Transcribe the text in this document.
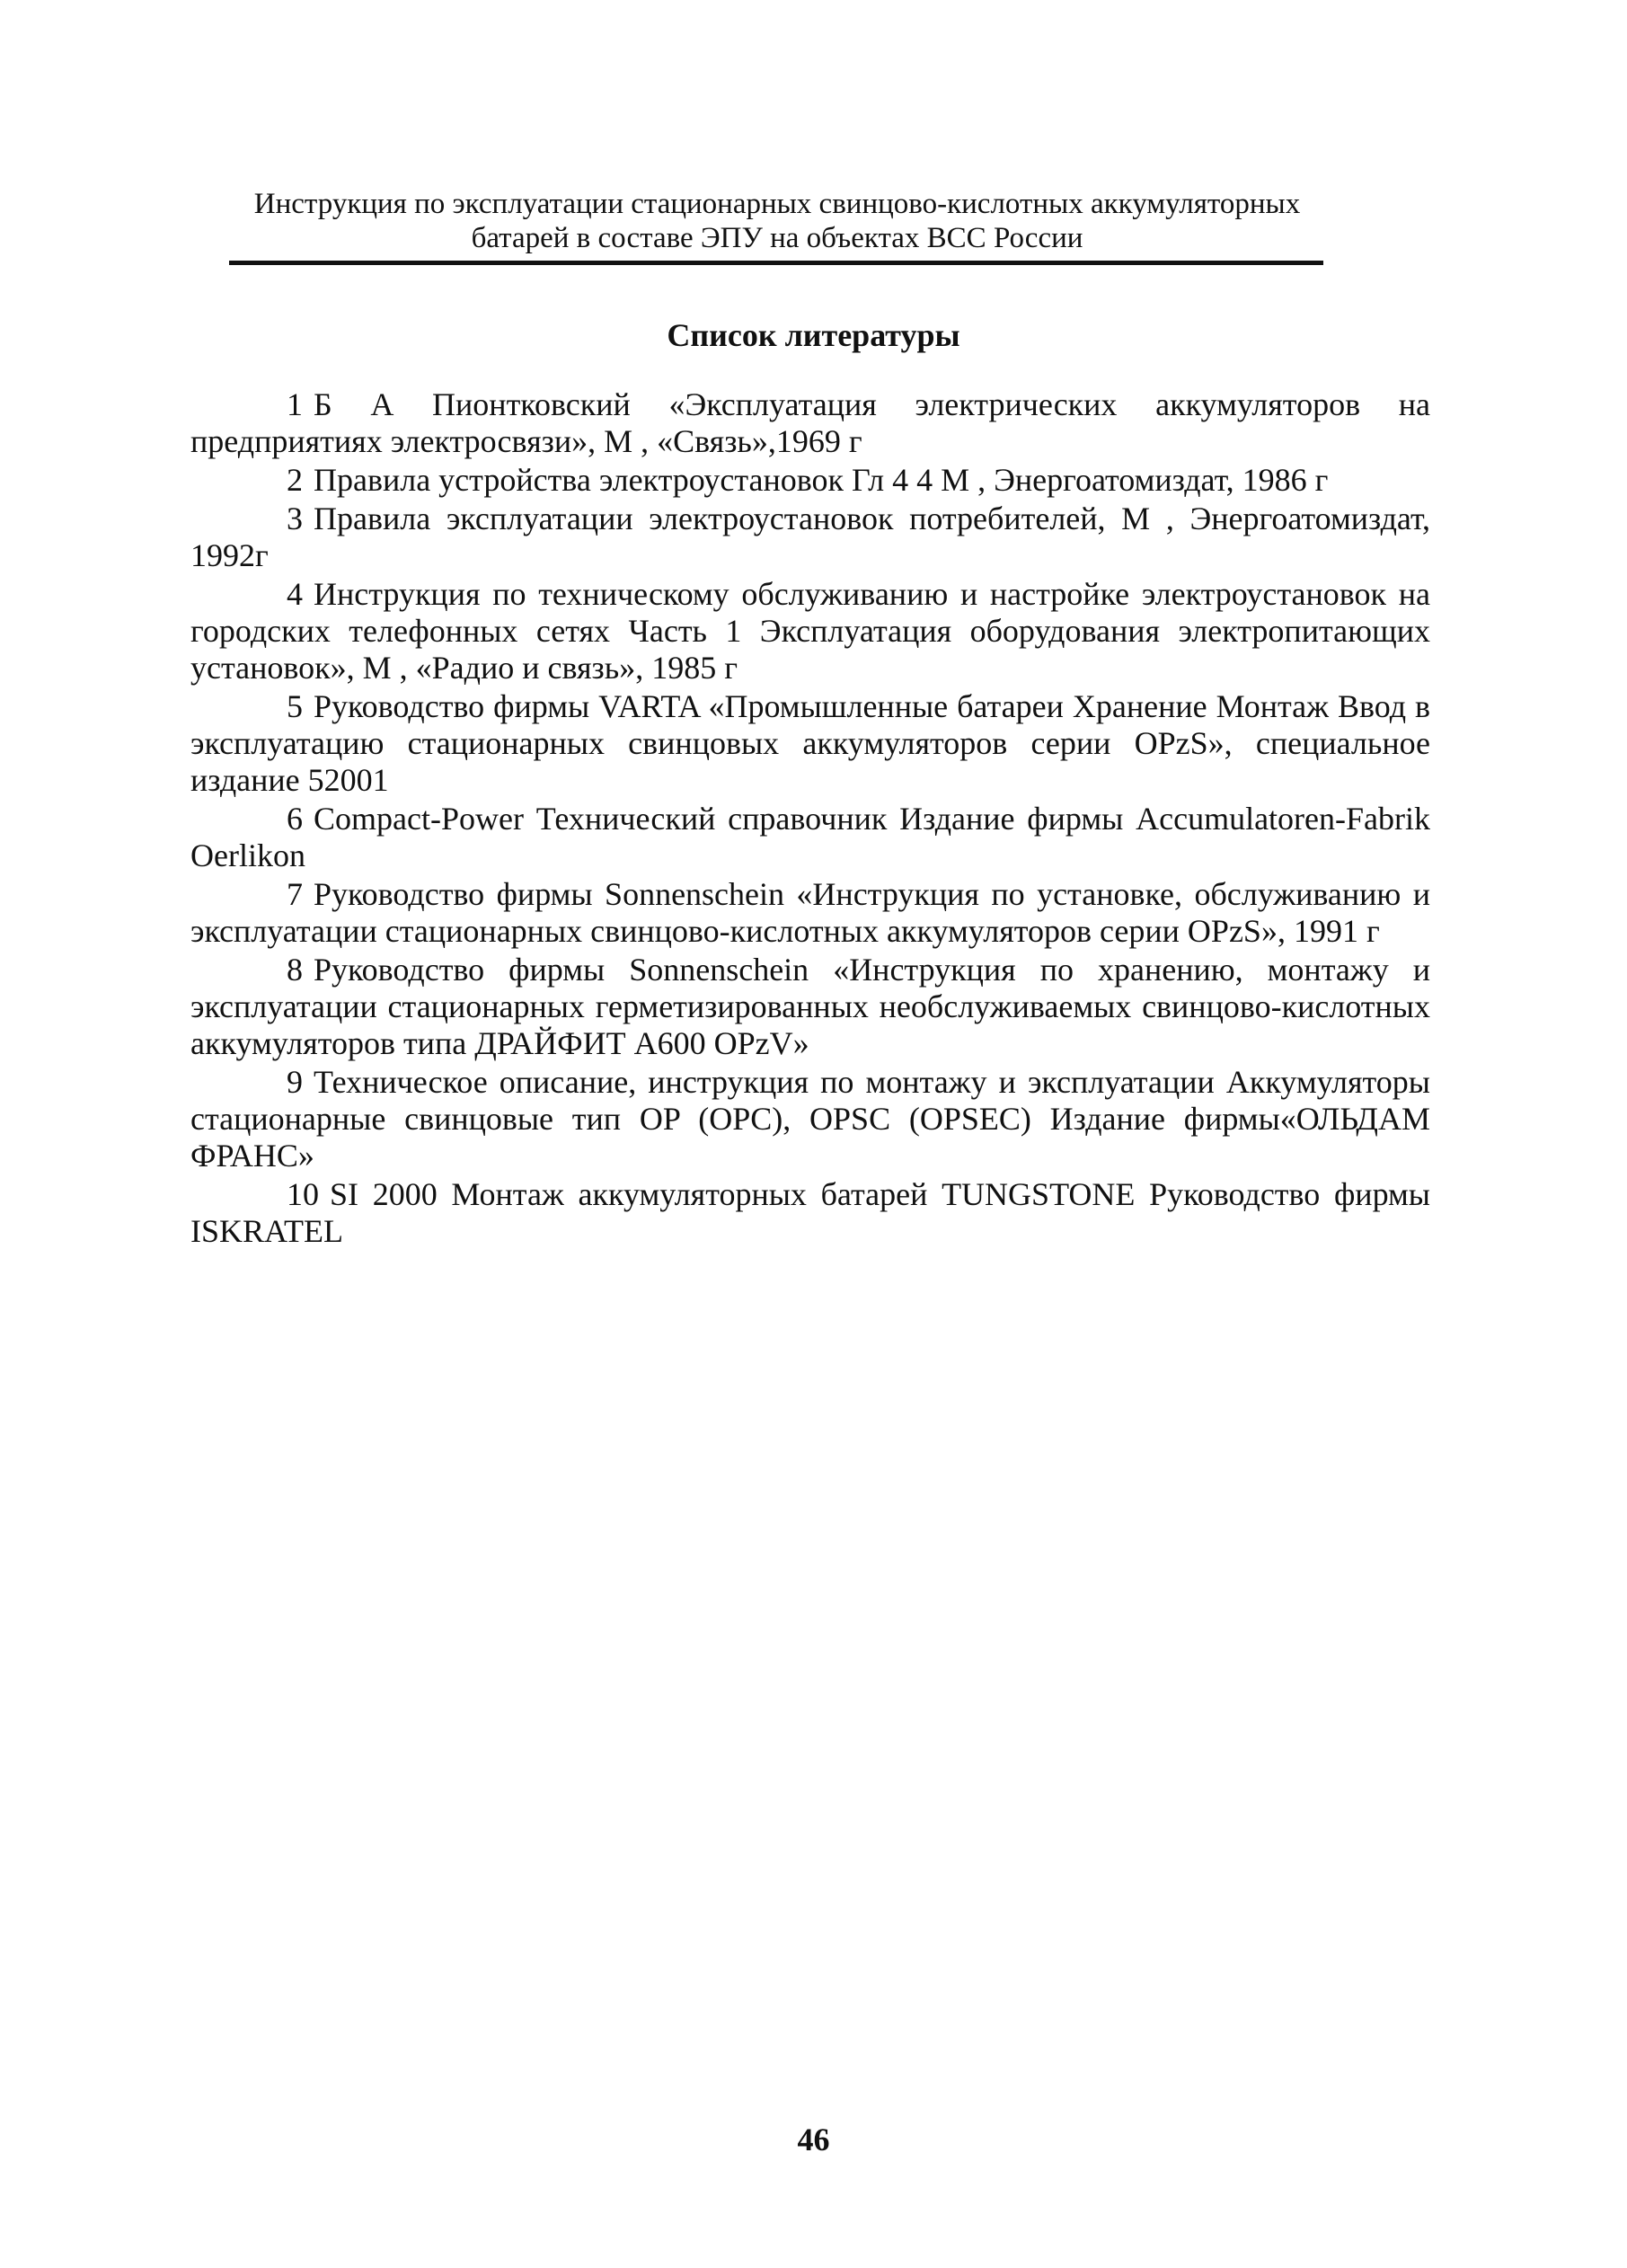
Инструкция по эксплуатации стационарных свинцово-кислотных аккумуляторных
батарей в составе ЭПУ на объектах ВСС России
Список литературы

1 Б А Пионтковский «Эксплуатация электрических аккумуляторов на предприятиях электросвязи», М , «Связь»,1969 г

2 Правила устройства электроустановок Гл 4 4 М , Энергоатомиздат, 1986 г

3 Правила эксплуатации электроустановок потребителей, М , Энергоатомиздат, 1992г

4 Инструкция по техническому обслуживанию и настройке электроустановок на городских телефонных сетях Часть 1 Эксплуатация оборудования электропитающих установок», М , «Радио и связь», 1985 г

5 Руководство фирмы VARTA «Промышленные батареи Хранение Монтаж Ввод в эксплуатацию стационарных свинцовых аккумуляторов серии OPzS», специальное издание 52001

6 Compact-Power Технический справочник Издание фирмы Accumulatoren-Fabrik Oerlikon

7 Руководство фирмы Sonnenschein «Инструкция по установке, обслуживанию и эксплуатации стационарных свинцово-кислотных аккумуляторов серии OPzS», 1991 г

8 Руководство фирмы Sonnenschein «Инструкция по хранению, монтажу и эксплуатации стационарных герметизированных необслуживаемых свинцово-кислотных аккумуляторов типа ДРАЙФИТ А600 OPzV»

9 Техническое описание, инструкция по монтажу и эксплуатации Аккумуляторы стационарные свинцовые тип OP (OPC), OPSC (OPSEC) Издание фирмы«ОЛЬДАМ ФРАНС»

10 SI 2000 Монтаж аккумуляторных батарей TUNGSTONE Руководство фирмы ISKRATEL

46
